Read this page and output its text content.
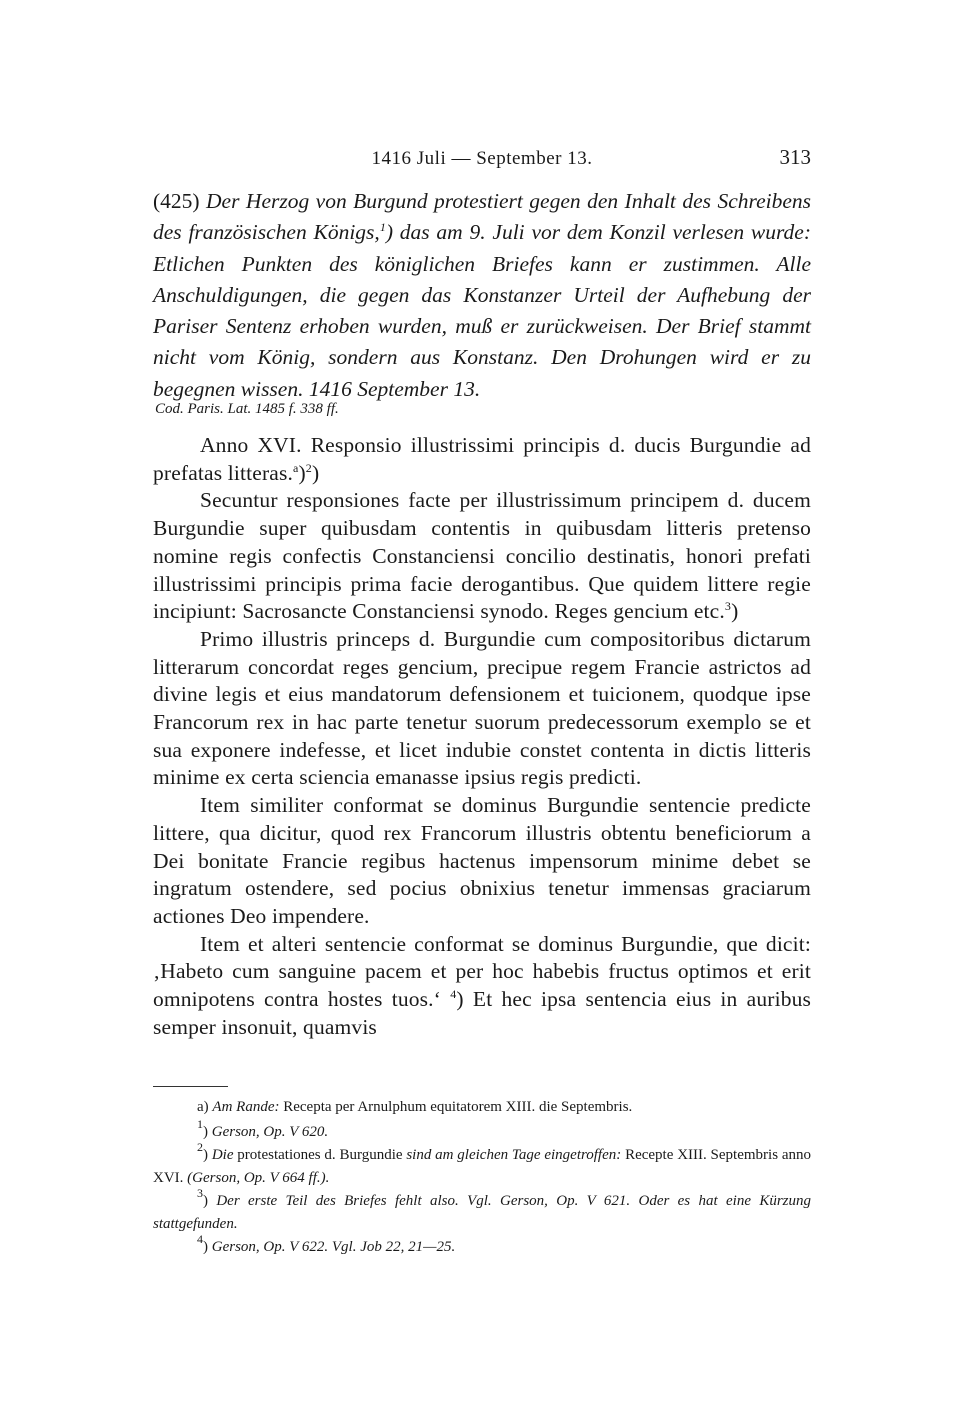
1416 Juli — September 13.	313

(425) Der Herzog von Burgund protestiert gegen den Inhalt des Schreibens des französischen Königs,$^1$) das am 9. Juli vor dem Konzil verlesen wurde: Etlichen Punkten des königlichen Briefes kann er zustimmen. Alle Anschuldigungen, die gegen das Konstanzer Urteil der Aufhebung der Pariser Sentenz erhoben wurden, muß er zurückweisen. Der Brief stammt nicht vom König, sondern aus Konstanz. Den Drohungen wird er zu begegnen wissen. 1416 September 13.

Cod. Paris. Lat. 1485 f. 338 ff.

Anno XVI. Responsio illustrissimi principis d. ducis Burgundie ad prefatas litteras.$^a$)$^2$)

Secuntur responsiones facte per illustrissimum principem d. ducem Burgundie super quibusdam contentis in quibusdam litteris pretenso nomine regis confectis Constanciensi concilio destinatis, honori prefati illustrissimi principis prima facie derogantibus. Que quidem littere regie incipiunt: Sacrosancte Constanciensi synodo. Reges gencium etc.$^3$)

Primo illustris princeps d. Burgundie cum compositoribus dictarum litterarum concordat reges gencium, precipue regem Francie astrictos ad divine legis et eius mandatorum defensionem et tuicionem, quodque ipse Francorum rex in hac parte tenetur suorum predecessorum exemplo se et sua exponere indefesse, et licet indubie constet contenta in dictis litteris minime ex certa sciencia emanasse ipsius regis predicti.

Item similiter conformat se dominus Burgundie sentencie predicte littere, qua dicitur, quod rex Francorum illustris obtentu beneficiorum a Dei bonitate Francie regibus hactenus impensorum minime debet se ingratum ostendere, sed pocius obnixius tenetur immensas graciarum actiones Deo impendere.

Item et alteri sentencie conformat se dominus Burgundie, que dicit: ‚Habeto cum sanguine pacem et per hoc habebis fructus optimos et erit omnipotens contra hostes tuos.‘ $^4$) Et hec ipsa sentencia eius in auribus semper insonuit, quamvis

a) Am Rande: Recepta per Arnulphum equitatorem XIII. die Septembris.

$^1$) Gerson, Op. V 620.

$^2$) Die protestationes d. Burgundie sind am gleichen Tage eingetroffen: Recepte XIII. Septembris anno XVI. (Gerson, Op. V 664 ff.).

$^3$) Der erste Teil des Briefes fehlt also. Vgl. Gerson, Op. V 621. Oder es hat eine Kürzung stattgefunden.

$^4$) Gerson, Op. V 622. Vgl. Job 22, 21—25.
